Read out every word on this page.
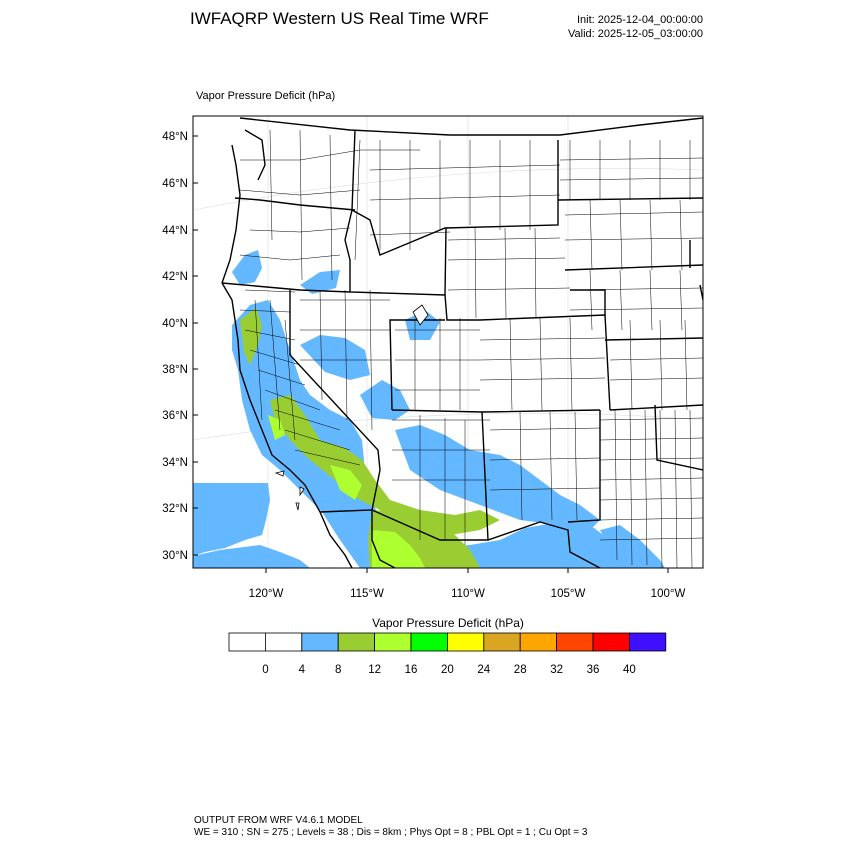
IWFAQRP Western US Real Time WRF	Init: 2025-12-04_00:00:00
Valid: 2025-12-05_03:00:00
Vapor Pressure Deficit (hPa)
48°N
46°N
44°N
42°N
40°N
38°N
36°N
34°N
32°N
30°N
120°W	115°W	110°W	105°W	100°W
Vapor Pressure Deficit (hPa)
0	4	8 12 16 20 24 28 32 36 40
OUTPUT FROM WRF V4.6.1 MODEL
WE = 310 ; SN = 275 ; Levels = 38 ; Dis = 8km ; Phys Opt = 8 ; PBL Opt = 1 ; Cu Opt = 3
